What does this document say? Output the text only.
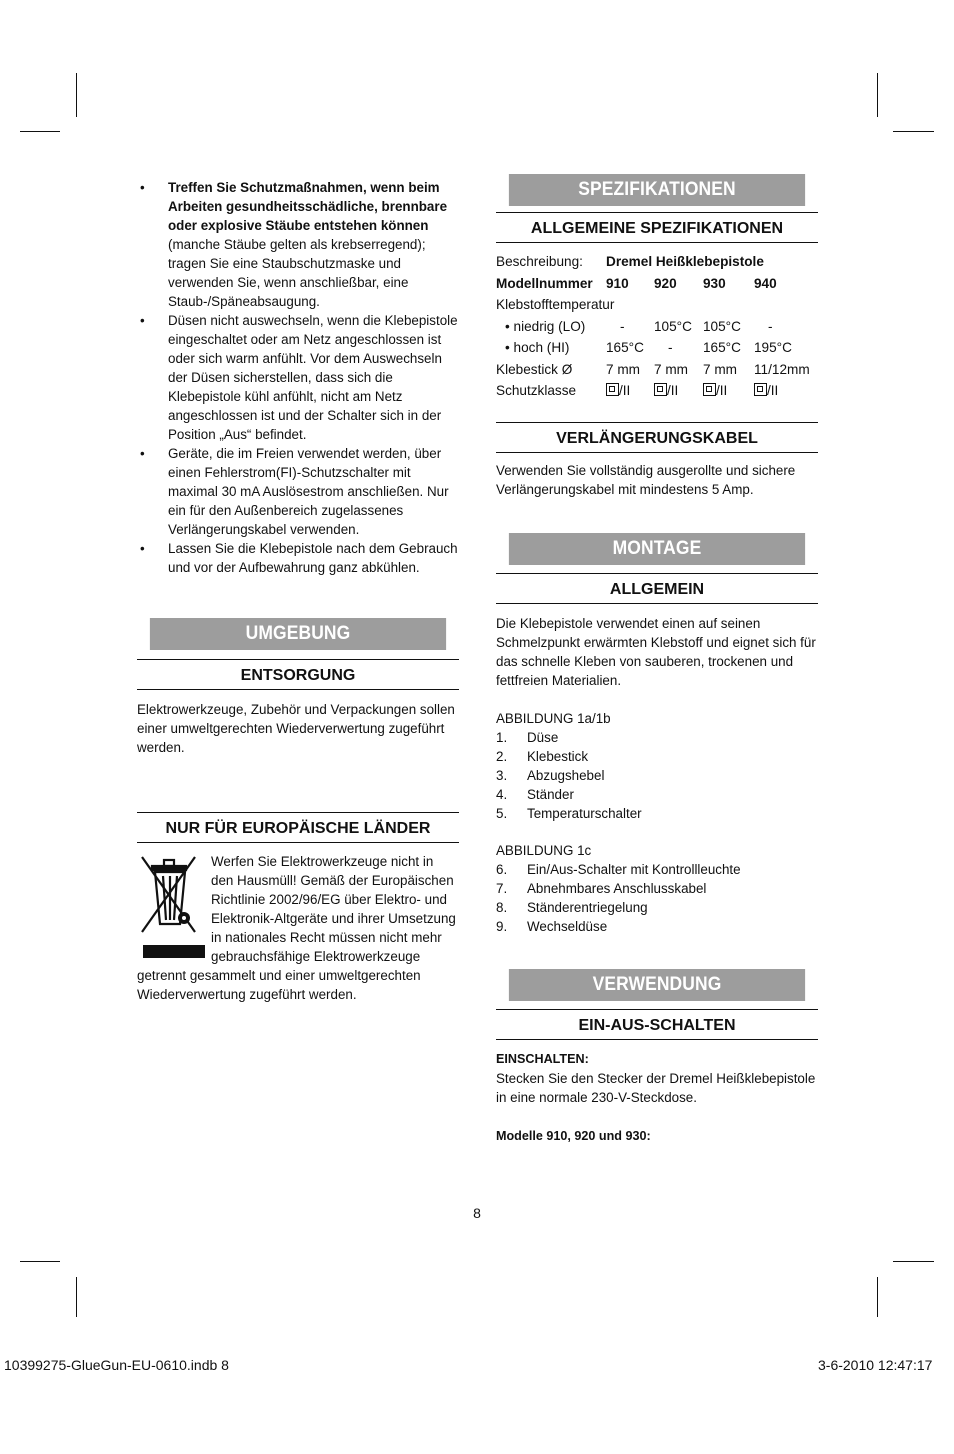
• Treffen Sie Schutzmaßnahmen, wenn beim Arbeiten gesundheitsschädliche, brennbare oder explosive Stäube entstehen können
(manche Stäube gelten als krebserregend); tragen Sie eine Staubschutzmaske und verwenden Sie, wenn anschließbar, eine Staub-/Späneabsaugung.
• Düsen nicht auswechseln, wenn die Klebepistole eingeschaltet oder am Netz angeschlossen ist oder sich warm anfühlt. Vor dem Auswechseln der Düsen sicherstellen, dass sich die Klebepistole kühl anfühlt, nicht am Netz angeschlossen ist und der Schalter sich in der Position „Aus“ befindet.
• Geräte, die im Freien verwendet werden, über einen Fehlerstrom(FI)-Schutzschalter mit maximal 30 mA Auslösestrom anschließen. Nur ein für den Außenbereich zugelassenes Verlängerungskabel verwenden.
• Lassen Sie die Klebepistole nach dem Gebrauch und vor der Aufbewahrung ganz abkühlen.
UMGEBUNG
ENTSORGUNG

Elektrowerkzeuge, Zubehör und Verpackungen sollen einer umweltgerechten Wiederverwertung zugeführt werden.

NUR FÜR EUROPÄISCHE LÄNDER

Werfen Sie Elektrowerkzeuge nicht in den Hausmüll! Gemäß der Europäischen Richtlinie 2002/96/EG über Elektro- und Elektronik-Altgeräte und ihrer Umsetzung in nationales Recht müssen nicht mehr gebrauchsfähige Elektrowerkzeuge getrennt gesammelt und einer umweltgerechten Wiederverwertung zugeführt werden.

SPEZIFIKATIONEN
ALLGEMEINE SPEZIFIKATIONEN
Beschreibung:	Dremel Heißklebepistole			
Modellnummer	910	920	930	940
Klebstofftemperatur				
• niedrig (LO)	-	105°C	105°C	-
• hoch (HI)	165°C	-	165°C	195°C
Klebestick Ø	7 mm	7 mm	7 mm	11/12mm
Schutzklasse	/II	/II	/II	/II
VERLÄNGERUNGSKABEL

Verwenden Sie vollständig ausgerollte und sichere Verlängerungskabel mit mindestens 5 Amp.

MONTAGE
ALLGEMEIN

Die Klebepistole verwendet einen auf seinen Schmelzpunkt erwärmten Klebstoff und eignet sich für das schnelle Kleben von sauberen, trockenen und fettfreien Materialien.

ABBILDUNG 1a/1b

1.	Düse
2.	Klebestick
3.	Abzugshebel
4.	Ständer
5.	Temperaturschalter

ABBILDUNG 1c

6.	Ein/Aus-Schalter mit Kontrollleuchte
7.	Abnehmbares Anschlusskabel
8.	Ständerentriegelung
9.	Wechseldüse
VERWENDUNG
EIN-AUS-SCHALTEN

EINSCHALTEN:

Stecken Sie den Stecker der Dremel Heißklebepistole in eine normale 230-V-Steckdose.

Modelle 910, 920 und 930:

8
10399275-GlueGun-EU-0610.indb 8	3-6-2010 12:47:17
